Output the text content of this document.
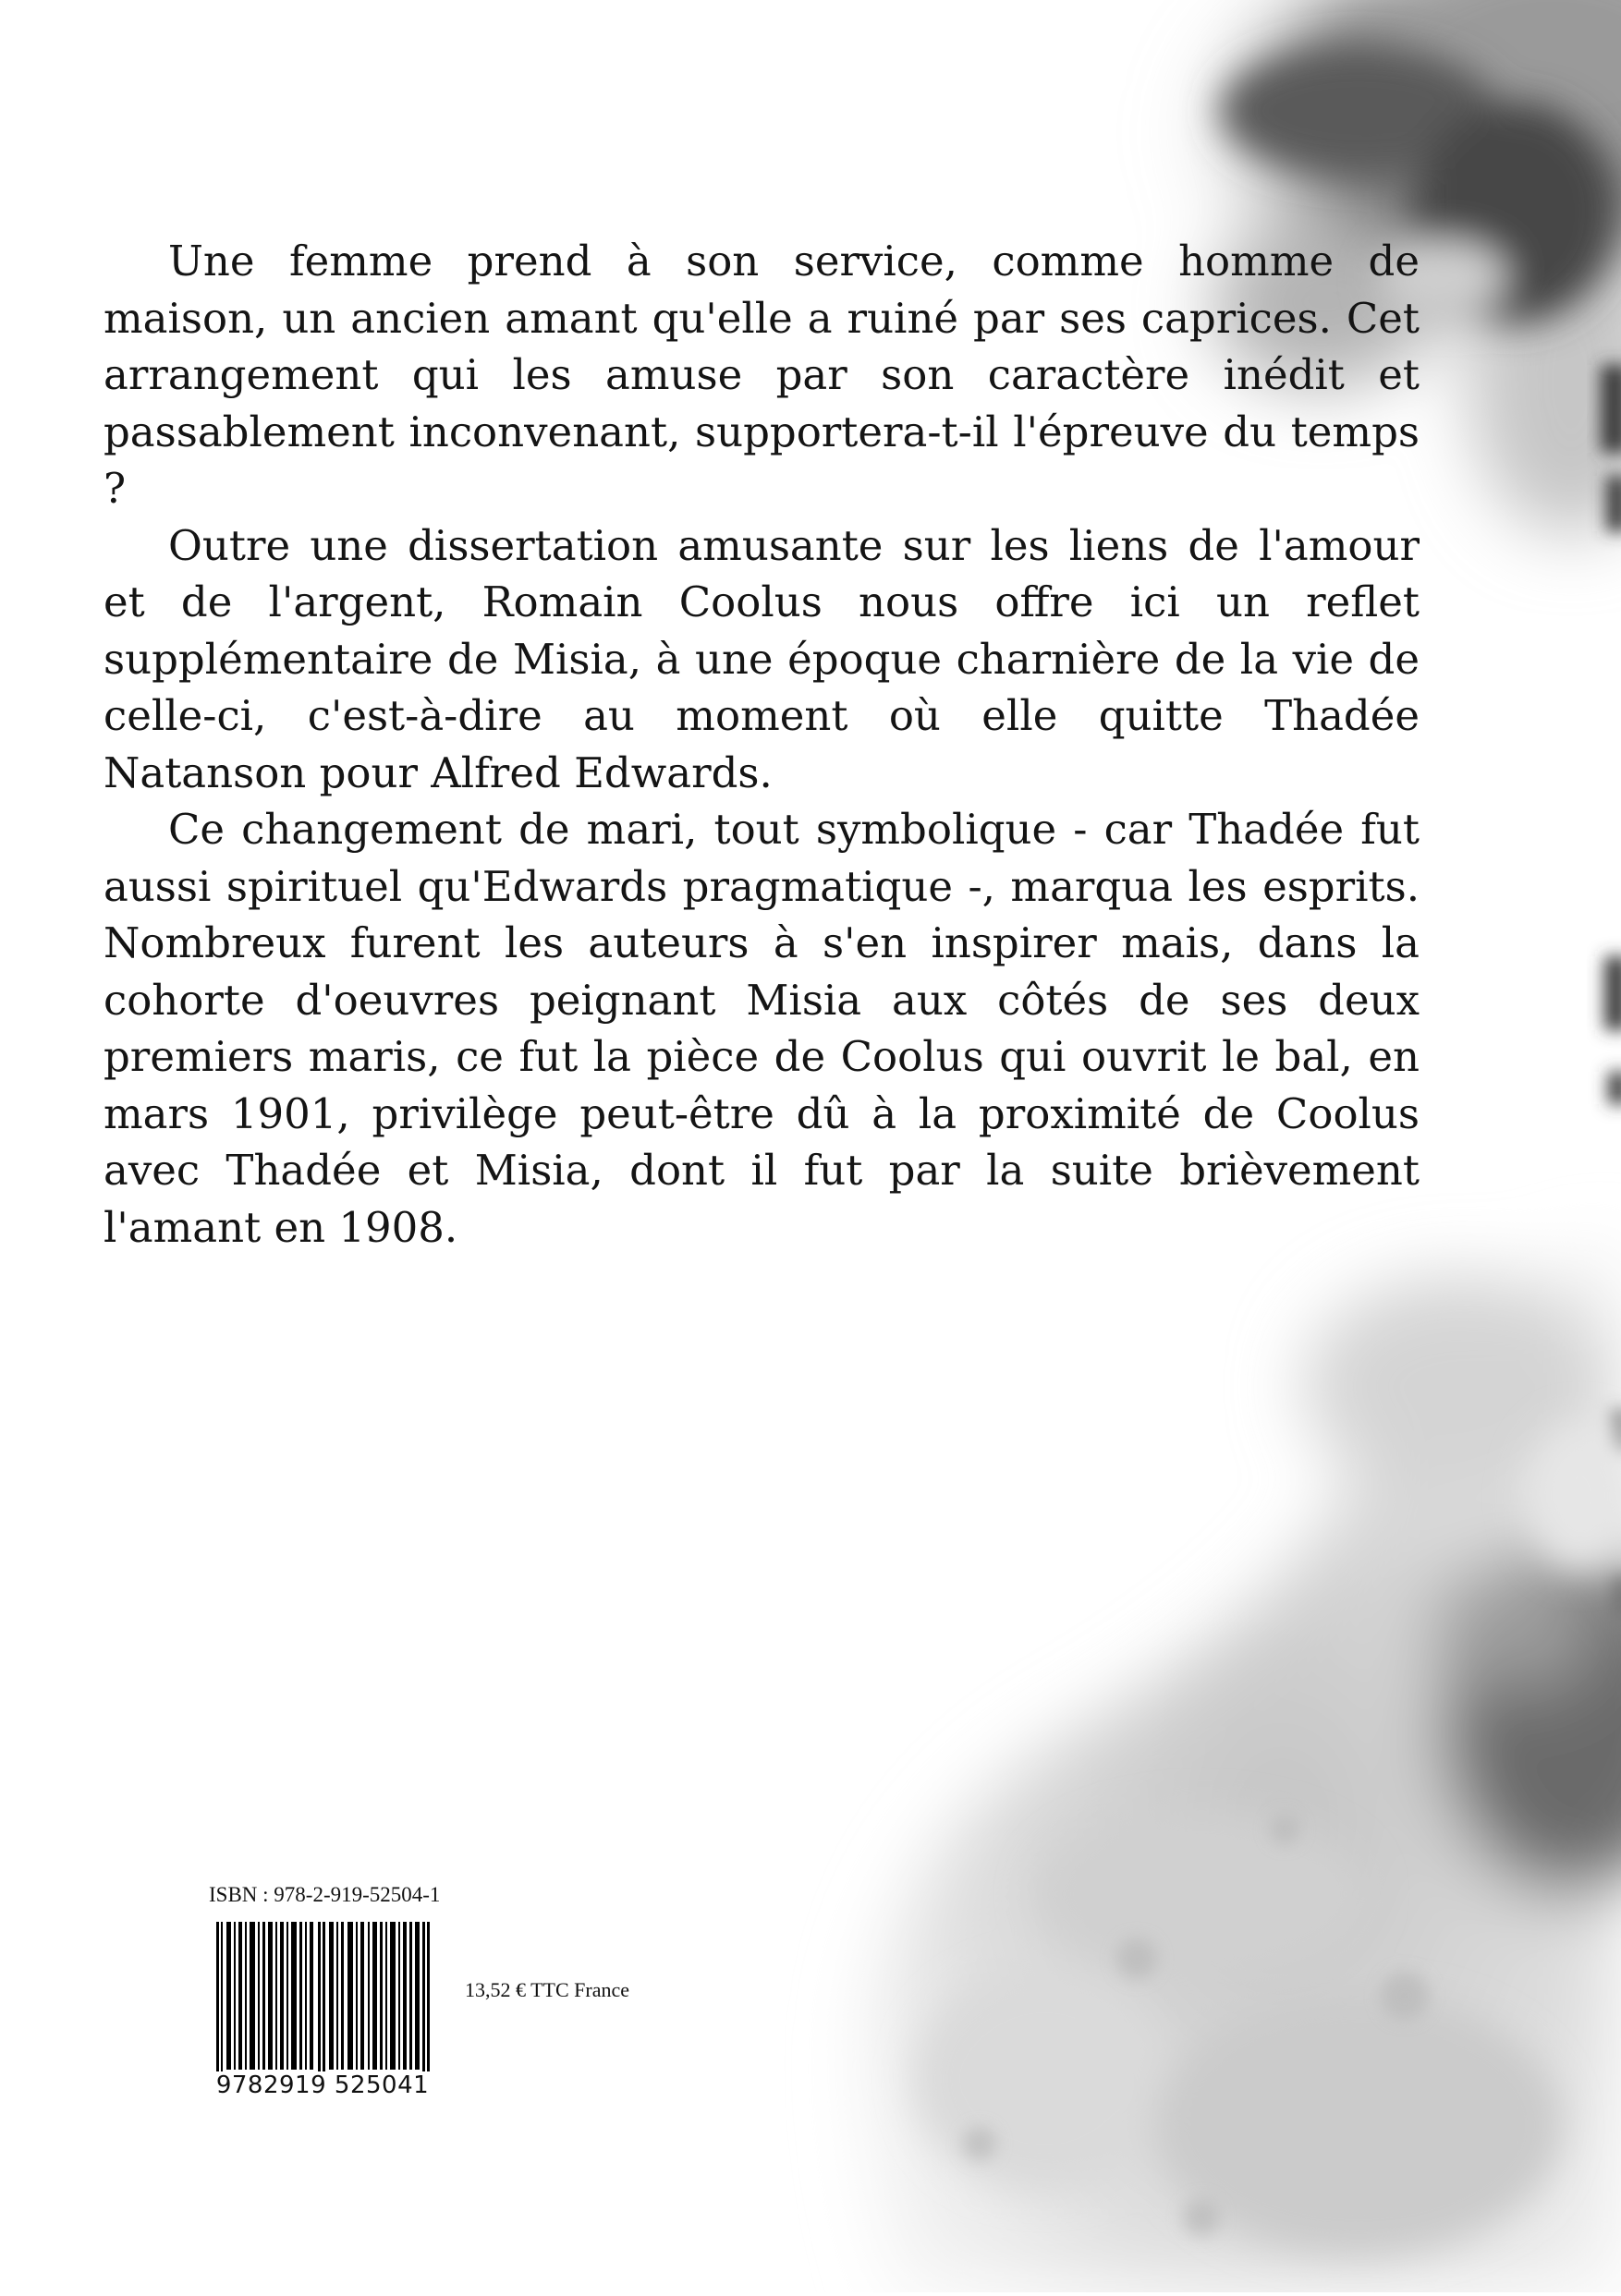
Une femme prend à son service, comme homme de maison, un ancien amant qu'elle a ruiné par ses caprices. Cet arrangement qui les amuse par son caractère inédit et passablement inconvenant, supportera-t-il l'épreuve du temps ?

Outre une dissertation amusante sur les liens de l'amour et de l'argent, Romain Coolus nous offre ici un reflet supplémentaire de Misia, à une époque charnière de la vie de celle-ci, c'est-à-dire au moment où elle quitte Thadée Natanson pour Alfred Edwards.

Ce changement de mari, tout symbolique - car Thadée fut aussi spirituel qu'Edwards pragmatique -, marqua les esprits. Nombreux furent les auteurs à s'en inspirer mais, dans la cohorte d'oeuvres peignant Misia aux côtés de ses deux premiers maris, ce fut la pièce de Coolus qui ouvrit le bal, en mars 1901, privilège peut-être dû à la proximité de Coolus avec Thadée et Misia, dont il fut par la suite brièvement l'amant en 1908.

ISBN : 978-2-919-52504-1
9782919 525041
13,52 € TTC France
